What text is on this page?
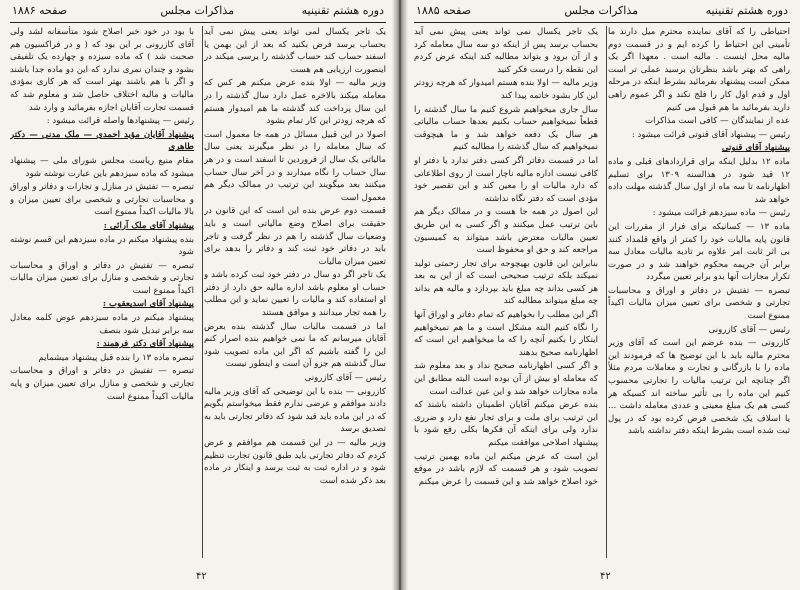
دوره هشتم تقنینیه
مذاکرات مجلس
صفحه ۱۸۸۶

یک تاجر یکسال لمی تواند یعنی پیش نمی آید بحساب برسد فرض بکنید که بعد از این بهمن یا اسفند حساب کند حساب گذشته را برسی میکند در اینصورت ارزیابی هم هست

وزیر مالیه — اولا بنده عرض میکنم هر کس که معامله میکند بالاخره عمل دارد سال گذشته را در این سال پرداخت کند گذشته ما هم امیدوار هستم که هرچه زودتر این کار تمام بشود

اصولا در این قبیل مسائل در همه جا معمول است که سال معامله را در نظر میگیرند یعنی سال مالیاتی یک سال از فروردین تا اسفند است و در هر سال حساب را نگاه میدارند و در آخر سال حساب میکنند بعد میگویند این ترتیب در ممالک دیگر هم معمول است

قسمت دوم عرض بنده این است که این قانون در حقیقت برای اصلاح وضع مالیاتی است و باید وضعیات سال گذشته را هم در نظر گرفت و تاجر باید در دفاتر خود ثبت کند و دفاتر را بدهد برای تعیین میزان مالیات

یک تاجر اگر دو سال در دفتر خود ثبت کرده باشد و حساب او معلوم باشد اداره مالیه حق دارد از دفتر او استفاده کند و مالیات را تعیین نماید و این مطلب را همه تجار میدانند و موافق هستند

اما در قسمت مالیات سال گذشته بنده بعرض آقایان میرسانم که ما نمی خواهیم بنده اصرار کنم این را گفته باشیم که اگر این ماده تصویب شود سال گذشته هم جزو آن است و اینطور نیست

رئیس — آقای کازرونی

کازرونی — بنده با این توضیحی که آقای وزیر مالیه دادند موافقم و عرضی ندارم فقط میخواستم بگویم که در این ماده باید قید شود که دفاتر تجارتی باید به تصدیق برسد

وزیر مالیه — در این قسمت هم موافقم و عرض کردم که دفاتر تجارتی باید طبق قانون تجارت تنظیم شود و در اداره ثبت به ثبت برسد و اینکار در ماده بعد ذکر شده است

با بود در خود خبر اصلاح شود متأسفانه لشد ولی آقای کازرونی بر این بود که ( و در فراکسیون هم صحبت شد ) که ماده سیزده و چهارده یک تلفیقی بشود و چندان نمری ندارد که این دو ماده جدا باشند و اگر با هم باشند بهتر است که هر کاری بمؤدی مالیات و مالیه اختلاف حاصل شد و معلوم شد که قسمت تجارت آقایان اجازه بفرمائید و وارد شد

رئیس — پیشنهادها واصله قرائت میشود :

پیشنهاد آقایان مؤید احمدی — ملک مدنی — دکتر طاهری

مقام منیع ریاست مجلس شورای ملی — پیشنهاد میشود که ماده سیزدهم باین عبارت نوشته شود

تبصره — تفتیش در منازل و تجارات و دفاتر و اوراق و محاسبات تجارتی و شخصی برای تعیین میزان و بالا مالیات اکیداً ممنوع است

پیشنهاد آقای ملک آرائی :

بنده پیشنهاد میکنم در ماده سیزدهم این قسم نوشته شود

تبصره — تفتیش در دفاتر و اوراق و محاسبات تجارتی و شخصی و منازل برای تعیین میزان مالیات اکیداً ممنوع است

پیشنهاد آقای اسدیعقوب :

پیشنهاد میکنم در ماده سیزدهم عوض کلمه معادل سه برابر تبدیل شود بنصف

پیشنهاد آقای دکتر فرهمند :

تبصره ماده ۱۳ را بنده قبل پیشنهاد میشمایم

تبصره — تفتیش در دفاتر و اوراق و محاسبات تجارتی و شخصی و منازل برای تعیین میزان و پایه مالیات اکیداً ممنوع است

۴۲
دوره هشتم تقنینیه
مذاکرات مجلس
صفحه ۱۸۸۵

احتیاطی را که آقای نماینده محترم میل دارند ما تأمینی این احتیاط را کرده ایم و در قسمت دوم مالیه محل اینست . مالیه است . معهذا اگر یک راهی که بهتر باشد بنظرتان برسید عملی تر است ممکن است پیشنهاد بفرمائید بشرط اینکه در مرحله اول و قدم اول کار را فلج نکند و اگر عموم راهی دارید بفرمائید ما هم قبول می کنیم

عده از نمایندگان — کافی است مذاکرات

رئیس — پیشنهاد آقای قنوتی قرائت میشود :

پیشنهاد آقای قنوتی

ماده ۱۲ بدلیل اینکه برای قراردادهای قبلی و ماده ۱۲ قید شود در هذالسنه ۱۳۰۹ برای تسلیم اظهارنامه تا سه ماه از اول سال گذشته مهلت داده خواهد شد

رئیس — ماده سیزدهم قرائت میشود :

ماده ۱۳ — کسانیکه برای فرار از مقررات این قانون پایه مالیات خود را کمتر از واقع قلمداد کنند بی اثر ثابت امر علاوه بر تادیه مالیات معادل سه برابر آن جریمه محکوم خواهند شد و در صورت تکرار مجازات آنها بدو برابر تعیین میگردد

تبصره — تفتیش در دفاتر و اوراق و محاسبات تجارتی و شخصی برای تعیین میزان مالیات اکیداً ممنوع است

رئیس — آقای کازرونی

کازرونی — بنده عرضم این است که آقای وزیر محترم مالیه باید با این توضیح ها که فرمودند این ماده را با بازرگانی و تجارت و معاملات مردم مثلاً اگر چنانچه این ترتیب مالیات را تجارتی محسوب کنیم این ماده را بی تأثیر ساخته اند کسیکه هر کسی هم یک مبلغ معینی و عددی معامله داشت ... یا اسلاف یک شخصی فرض کرده بود که در پول ثبت شده است بشرط اینکه دفتر نداشته باشد

یک تاجر یکسال نمی تواند یعنی پیش نمی آید بحساب برسد پس از اینکه دو سه سال معامله کرد و از آن برود و بتواند مطالبه کند اینکه عرض کردم این نقطه را درست فکر کنید

وزیر مالیه — اولا بنده هستم امیدوار که هرچه زودتر این کار بشود خاتمه پیدا کند

سال جاری میخواهیم شروع کنیم ما سال گذشته را قطعاً نمیخواهیم حساب بکنیم بعدها حساب مالیاتی هر سال یک دفعه خواهد شد و ما هیچوقت نمیخواهیم که سال گذشته را مطالبه کنیم

اما در قسمت دفاتر اگر کسی دفتر ندارد یا دفتر او کافی نیست اداره مالیه ناچار است از روی اطلاعاتی که دارد مالیات او را معین کند و این تقصیر خود مؤدی است که دفتر نگاه نداشته

این اصول در همه جا هست و در ممالک دیگر هم باین ترتیب عمل میکنند و اگر کسی به این طریق تعیین مالیات معترض باشد میتواند به کمیسیون مراجعه کند و حق او محفوظ است

بنابراین این قانون بهیچوجه برای تجار زحمتی تولید نمیکند بلکه ترتیب صحیحی است که از این به بعد هر کسی بداند چه مبلغ باید بپردازد و مالیه هم بداند چه مبلغ میتواند مطالبه کند

اگر این مطلب را بخواهیم که تمام دفاتر و اوراق آنها را نگاه کنیم البته مشکل است و ما هم نمیخواهیم اینکار را بکنیم آنچه را که ما میخواهیم این است که اظهارنامه صحیح بدهند

و اگر کسی اظهارنامه صحیح نداد و بعد معلوم شد که معامله او بیش از آن بوده است البته مطابق این ماده مجازات خواهد شد و این عین عدالت است

بنده عرض میکنم آقایان اطمینان داشته باشند که این ترتیب برای ملت و برای تجار نفع دارد و ضرری ندارد ولی برای اینکه آن فکرها بکلی رفع شود با پیشنهاد اصلاحی موافقت میکنم

این است که عرض میکنم این ماده بهمین ترتیب تصویب شود و هر قسمت که لازم باشد در موقع خود اصلاح خواهد شد و این قسمت را عرض میکنم

۴۲
